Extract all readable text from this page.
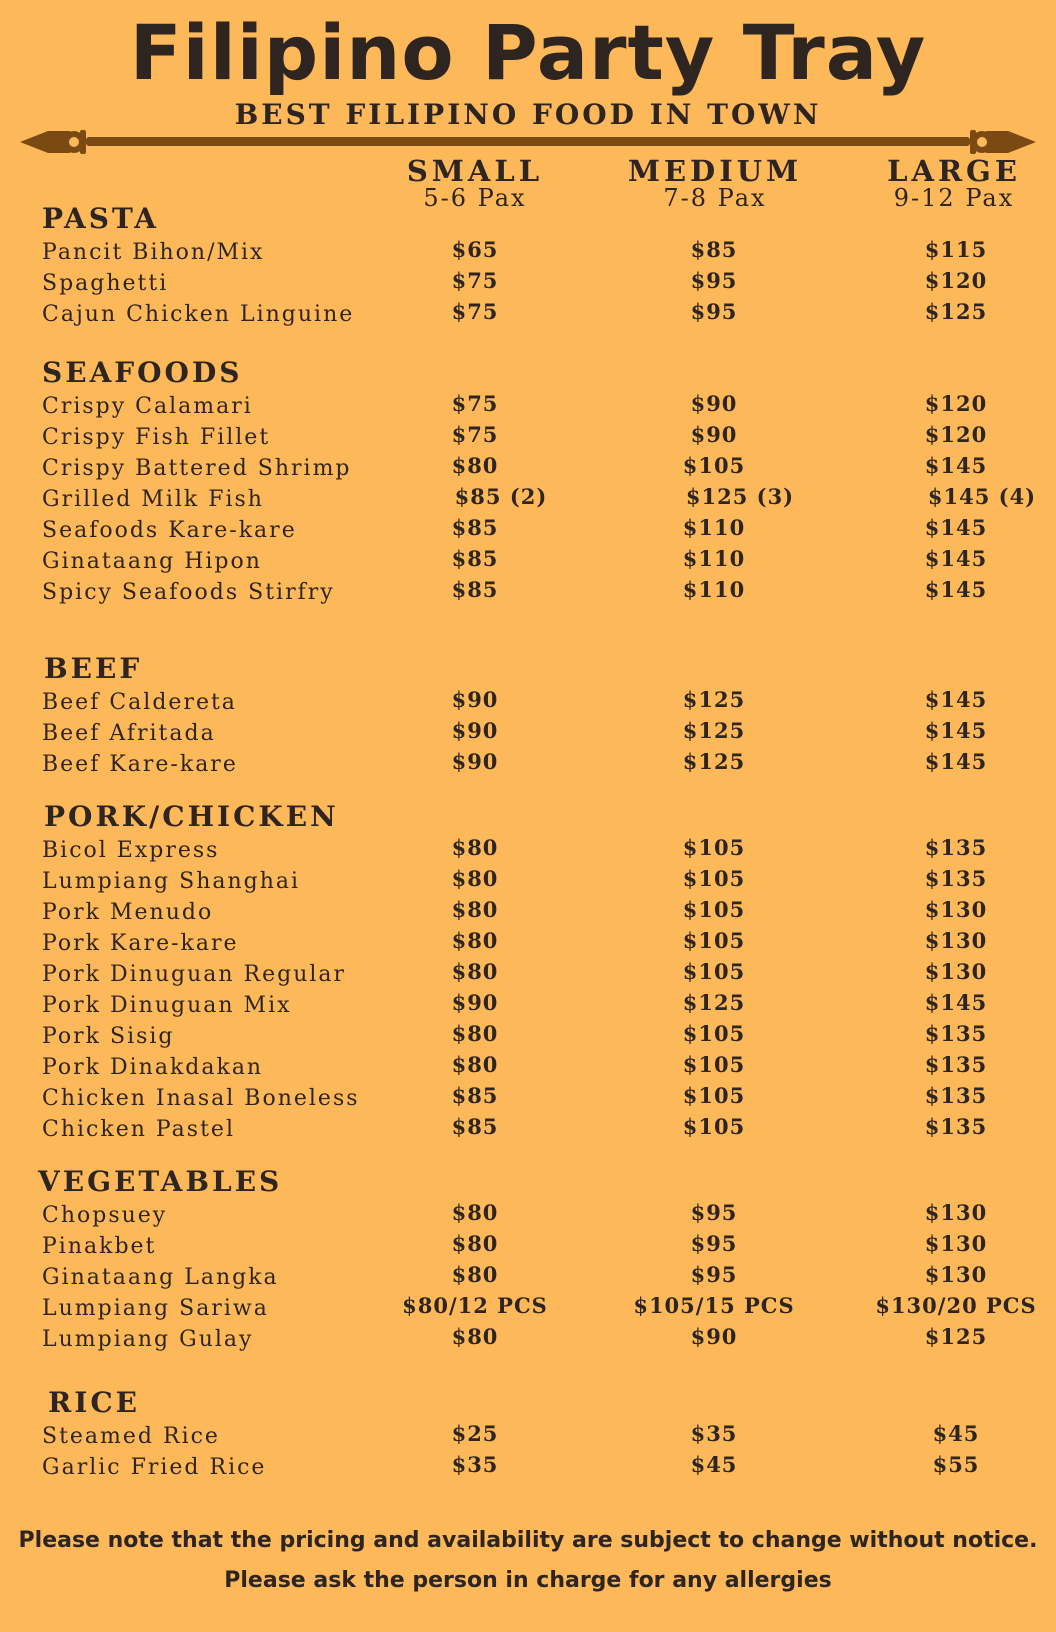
Filipino Party Tray
BEST FILIPINO FOOD IN TOWN
SMALL
5-6 Pax
MEDIUM
7-8 Pax
LARGE
9-12 Pax
PASTA
Pancit Bihon/Mix	$65	$85	$115
Spaghetti	$75	$95	$120
Cajun Chicken Linguine	$75	$95	$125
SEAFOODS
Crispy Calamari	$75	$90	$120
Crispy Fish Fillet	$75	$90	$120
Crispy Battered Shrimp	$80	$105	$145
Grilled Milk Fish	$85 (2)	$125 (3)	$145 (4)
Seafoods Kare-kare	$85	$110	$145
Ginataang Hipon	$85	$110	$145
Spicy Seafoods Stirfry	$85	$110	$145
BEEF
Beef Caldereta	$90	$125	$145
Beef Afritada	$90	$125	$145
Beef Kare-kare	$90	$125	$145
PORK/CHICKEN
Bicol Express	$80	$105	$135
Lumpiang Shanghai	$80	$105	$135
Pork Menudo	$80	$105	$130
Pork Kare-kare	$80	$105	$130
Pork Dinuguan Regular	$80	$105	$130
Pork Dinuguan Mix	$90	$125	$145
Pork Sisig	$80	$105	$135
Pork Dinakdakan	$80	$105	$135
Chicken Inasal Boneless	$85	$105	$135
Chicken Pastel	$85	$105	$135
VEGETABLES
Chopsuey	$80	$95	$130
Pinakbet	$80	$95	$130
Ginataang Langka	$80	$95	$130
Lumpiang Sariwa	$80/12 PCS	$105/15 PCS	$130/20 PCS
Lumpiang Gulay	$80	$90	$125
RICE
Steamed Rice	$25	$35	$45
Garlic Fried Rice	$35	$45	$55
Please note that the pricing and availability are subject to change without notice.
Please ask the person in charge for any allergies
